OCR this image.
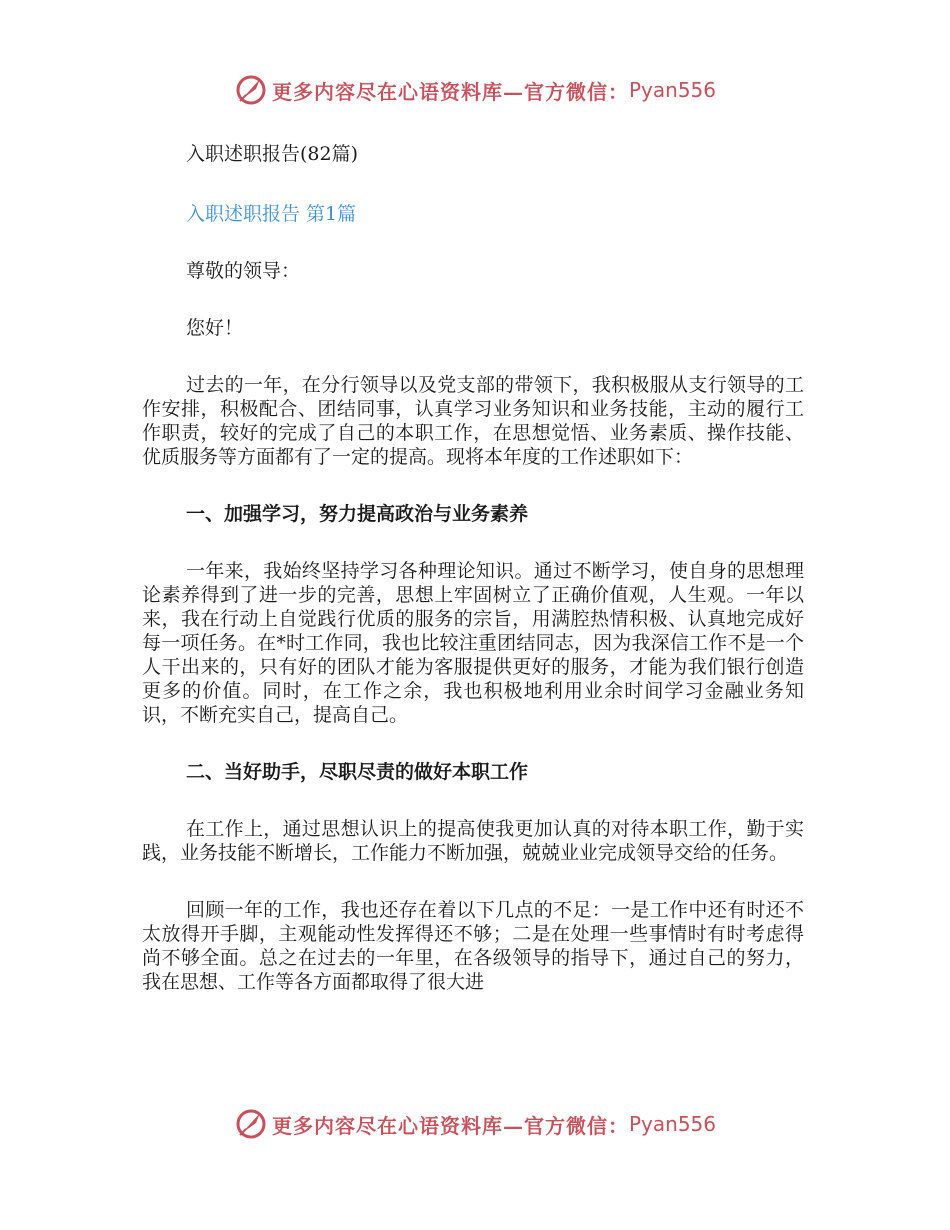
更多内容尽在心语资料库—官方微信： Pyan556

入职述职报告(82篇)

入职述职报告 第1篇

尊敬的领导：

您好！

过去的一年，在分行领导以及党支部的带领下，我积极服从支行领导的工作安排，积极配合、团结同事，认真学习业务知识和业务技能，主动的履行工作职责，较好的完成了自己的本职工作，在思想觉悟、业务素质、操作技能、优质服务等方面都有了一定的提高。现将本年度的工作述职如下：

一、加强学习，努力提高政治与业务素养

一年来，我始终坚持学习各种理论知识。通过不断学习，使自身的思想理论素养得到了进一步的完善，思想上牢固树立了正确价值观，人生观。一年以来，我在行动上自觉践行优质的服务的宗旨，用满腔热情积极、认真地完成好每一项任务。在*时工作同，我也比较注重团结同志，因为我深信工作不是一个人干出来的，只有好的团队才能为客服提供更好的服务，才能为我们银行创造更多的价值。同时，在工作之余，我也积极地利用业余时间学习金融业务知识，不断充实自己，提高自己。

二、当好助手，尽职尽责的做好本职工作

在工作上，通过思想认识上的提高使我更加认真的对待本职工作，勤于实践，业务技能不断增长，工作能力不断加强，兢兢业业完成领导交给的任务。

回顾一年的工作，我也还存在着以下几点的不足：一是工作中还有时还不太放得开手脚，主观能动性发挥得还不够；二是在处理一些事情时有时考虑得尚不够全面。总之在过去的一年里，在各级领导的指导下，通过自己的努力，我在思想、工作等各方面都取得了很大进

更多内容尽在心语资料库—官方微信： Pyan556
